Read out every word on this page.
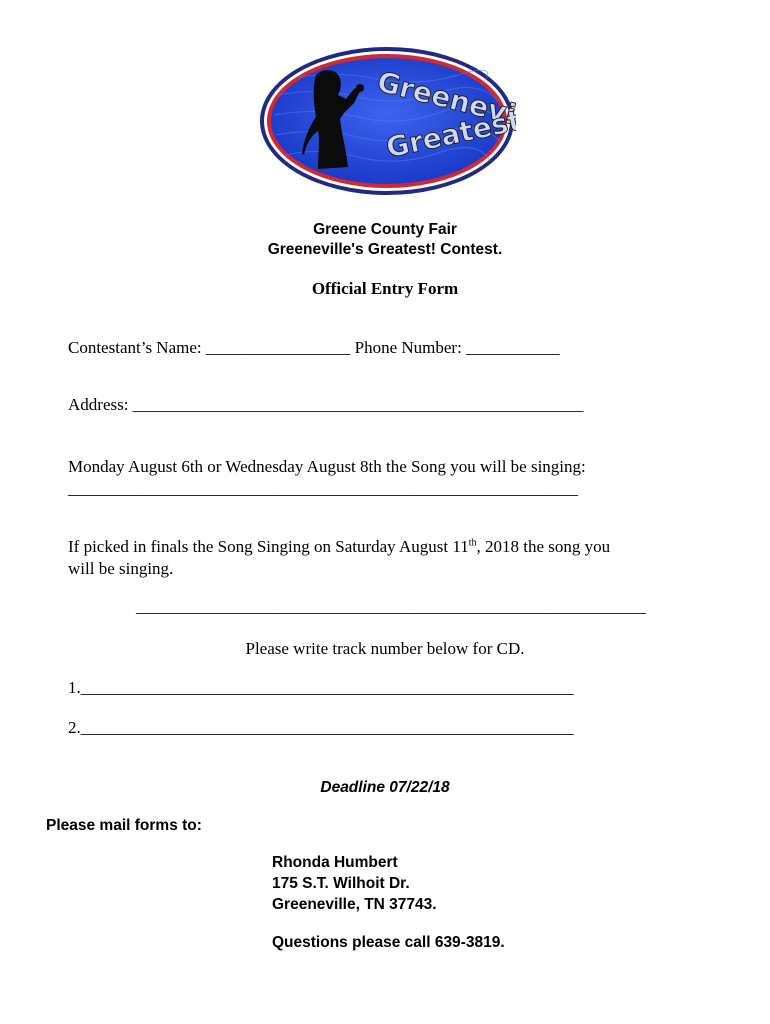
Greeneville's
Greatest!
Greene County Fair
Greeneville's Greatest! Contest.
Official Entry Form
Contestant’s Name: _________________ Phone Number: ___________
Address: _____________________________________________________
Monday August 6th or Wednesday August 8th the Song you will be singing:
____________________________________________________________
If picked in finals the Song Singing on Saturday August 11th, 2018 the song you
will be singing.
____________________________________________________________
Please write track number below for CD.
1.__________________________________________________________
2.__________________________________________________________
Deadline 07/22/18
Please mail forms to:
Rhonda Humbert
175 S.T. Wilhoit Dr.
Greeneville, TN 37743.
Questions please call 639-3819.
